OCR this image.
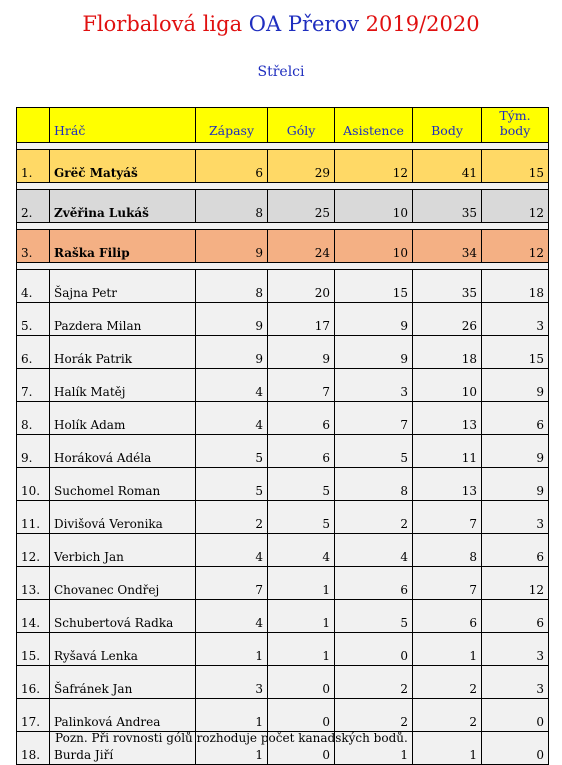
Florbalová liga OA Přerov 2019/2020
Střelci
	Hráč	Zápasy	Góly	Asistence	Body	Tým. body

1.	Grёč Matyáš	6	29	12	41	15

2.	Zvěřina Lukáš	8	25	10	35	12

3.	Raška Filip	9	24	10	34	12

4.	Šajna Petr	8	20	15	35	18
5.	Pazdera Milan	9	17	9	26	3
6.	Horák Patrik	9	9	9	18	15
7.	Halík Matěj	4	7	3	10	9
8.	Holík Adam	4	6	7	13	6
9.	Horáková Adéla	5	6	5	11	9
10.	Suchomel Roman	5	5	8	13	9
11.	Divišová Veronika	2	5	2	7	3
12.	Verbich Jan	4	4	4	8	6
13.	Chovanec Ondřej	7	1	6	7	12
14.	Schubertová Radka	4	1	5	6	6
15.	Ryšavá Lenka	1	1	0	1	3
16.	Šafránek Jan	3	0	2	2	3
17.	Palinková Andrea	1	0	2	2	0
18.	Burda Jiří	1	0	1	1	0
Pozn. Při rovnosti gólů rozhoduje počet kanadských bodů.
